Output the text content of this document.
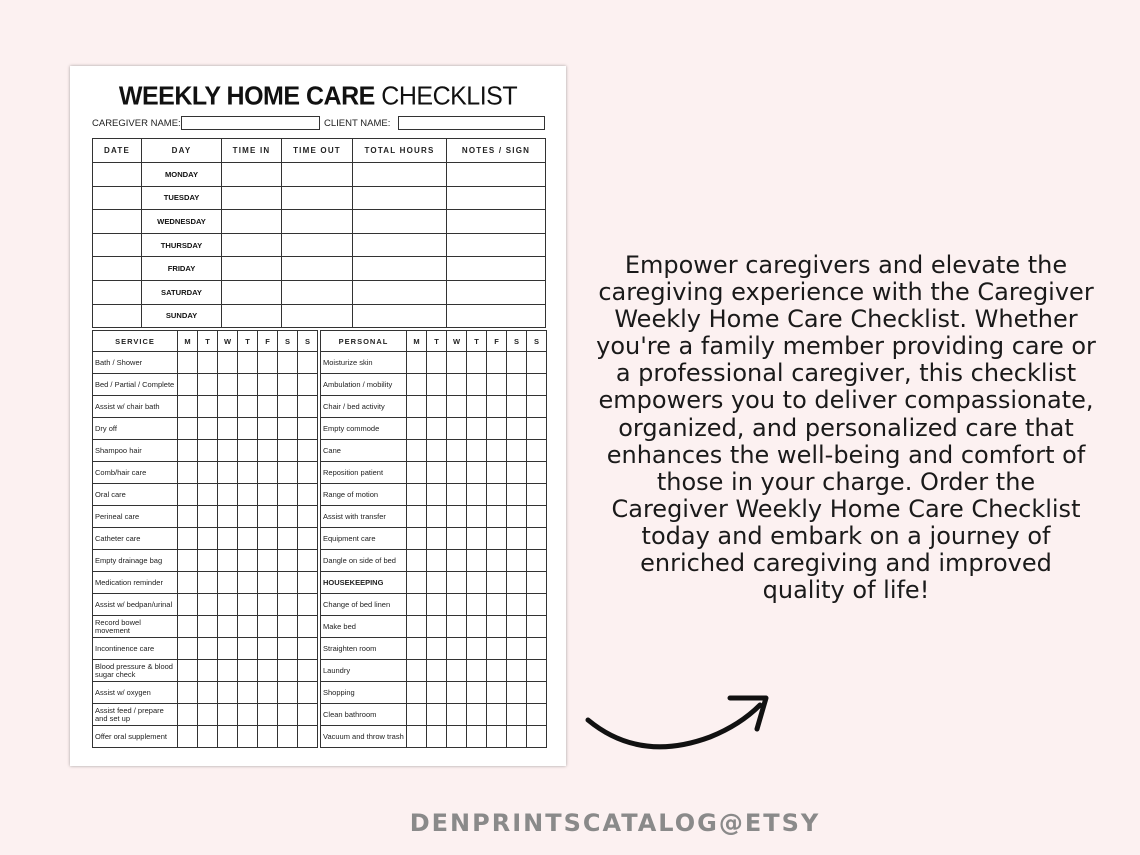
WEEKLY HOME CARE CHECKLIST
CAREGIVER NAME:	CLIENT NAME:
DATE	DAY	TIME IN	TIME OUT	TOTAL HOURS	NOTES / SIGN
	MONDAY				
	TUESDAY				
	WEDNESDAY				
	THURSDAY				
	FRIDAY				
	SATURDAY				
	SUNDAY				
SERVICE	M	T	W	T	F	S	S
Bath / Shower							
Bed / Partial / Complete							
Assist w/ chair bath							
Dry off							
Shampoo hair							
Comb/hair care							
Oral care							
Perineal care							
Catheter care							
Empty drainage bag							
Medication reminder							
Assist w/ bedpan/urinal							
Record bowel movement							
Incontinence care							
Blood pressure & blood sugar check							
Assist w/ oxygen							
Assist feed / prepare and set up							
Offer oral supplement							
PERSONAL	M	T	W	T	F	S	S
Moisturize skin							
Ambulation / mobility							
Chair / bed activity							
Empty commode							
Cane							
Reposition patient							
Range of motion							
Assist with transfer							
Equipment care							
Dangle on side of bed							
HOUSEKEEPING							
Change of bed linen							
Make bed							
Straighten room							
Laundry							
Shopping							
Clean bathroom							
Vacuum and throw trash							
Empower caregivers and elevate the caregiving experience with the Caregiver Weekly Home Care Checklist. Whether you're a family member providing care or a professional caregiver, this checklist empowers you to deliver compassionate, organized, and personalized care that enhances the well-being and comfort of those in your charge. Order the Caregiver Weekly Home Care Checklist today and embark on a journey of enriched caregiving and improved quality of life!
DENPRINTSCATALOG@ETSY
